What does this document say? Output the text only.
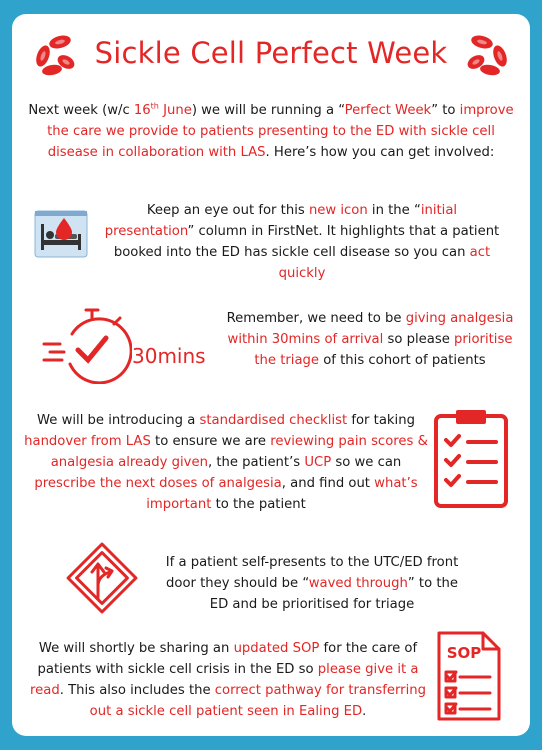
Sickle Cell Perfect Week
Next week (w/c 16th June) we will be running a “Perfect Week” to improve the care we provide to patients presenting to the ED with sickle cell disease in collaboration with LAS. Here’s how you can get involved:
Keep an eye out for this new icon in the “initial presentation” column in FirstNet. It highlights that a patient booked into the ED has sickle cell disease so you can act quickly
30mins
Remember, we need to be giving analgesia within 30mins of arrival so please prioritise the triage of this cohort of patients
We will be introducing a standardised checklist for taking handover from LAS to ensure we are reviewing pain scores & analgesia already given, the patient’s UCP so we can prescribe the next doses of analgesia, and find out what’s important to the patient
If a patient self-presents to the UTC/ED front door they should be “waved through” to the ED and be prioritised for triage
We will shortly be sharing an updated SOP for the care of patients with sickle cell crisis in the ED so please give it a read. This also includes the correct pathway for transferring out a sickle cell patient seen in Ealing ED.
SOP
